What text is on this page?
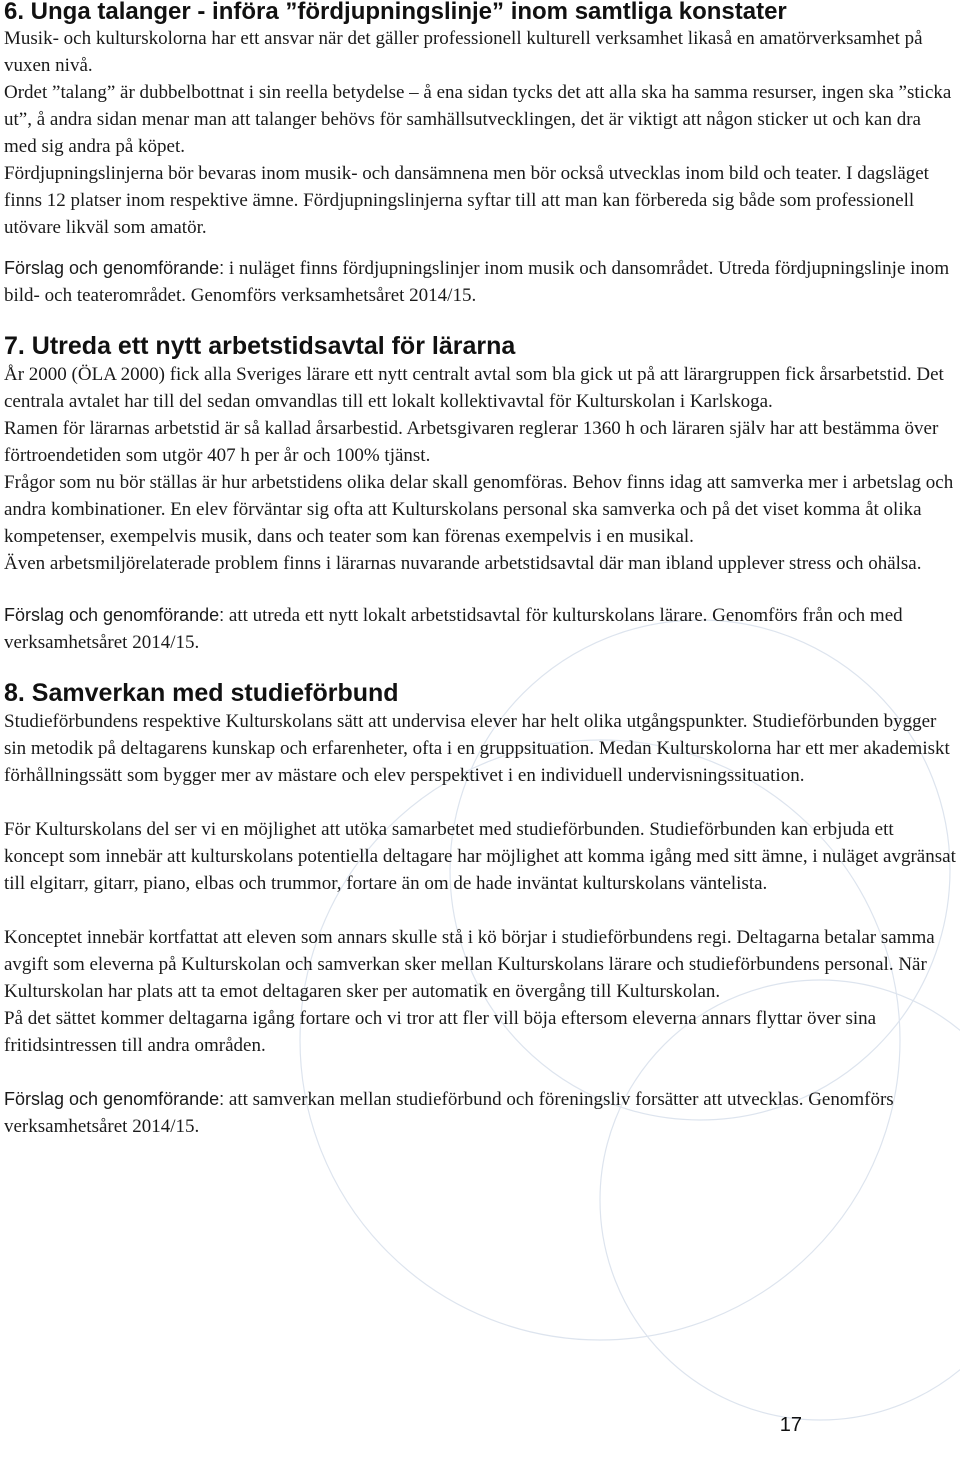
6. Unga talanger - införa ”fördjupningslinje” inom samtliga konstater

Musik- och kulturskolorna har ett ansvar när det gäller professionell kulturell verksamhet likaså en amatörverksamhet på vuxen nivå.

Ordet ”talang” är dubbelbottnat i sin reella betydelse – å ena sidan tycks det att alla ska ha samma resurser, ingen ska ”sticka ut”, å andra sidan menar man att talanger behövs för samhällsutvecklingen, det är viktigt att någon sticker ut och kan dra med sig andra på köpet.

Fördjupningslinjerna bör bevaras inom musik- och dansämnena men bör också utvecklas inom bild och teater. I dagsläget finns 12 platser inom respektive ämne. Fördjupningslinjerna syftar till att man kan förbereda sig både som professionell utövare likväl som amatör.

Förslag och genomförande: i nuläget finns fördjupningslinjer inom musik och dansområdet. Utreda fördjupningslinje inom bild- och teaterområdet. Genomförs verksamhetsåret 2014/15.

7. Utreda ett nytt arbetstidsavtal för lärarna

År 2000 (ÖLA 2000) fick alla Sveriges lärare ett nytt centralt avtal som bla gick ut på att lärargruppen fick årsarbetstid. Det centrala avtalet har till del sedan omvandlas till ett lokalt kollektivavtal för Kulturskolan i Karlskoga.

Ramen för lärarnas arbetstid är så kallad årsarbestid. Arbetsgivaren reglerar 1360 h och läraren själv har att bestämma över förtroendetiden som utgör 407 h per år och 100% tjänst.

Frågor som nu bör ställas är hur arbetstidens olika delar skall genomföras. Behov finns idag att samverka mer i arbetslag och andra kombinationer. En elev förväntar sig ofta att Kulturskolans personal ska samverka och på det viset komma åt olika kompetenser, exempelvis musik, dans och teater som kan förenas exempelvis i en musikal.

Även arbetsmiljörelaterade problem finns i lärarnas nuvarande arbetstidsavtal där man ibland upplever stress och ohälsa.

Förslag och genomförande: att utreda ett nytt lokalt arbetstidsavtal för kulturskolans lärare. Genomförs från och med verksamhetsåret 2014/15.

8. Samverkan med studieförbund

Studieförbundens respektive Kulturskolans sätt att undervisa elever har helt olika utgångspunkter. Studieförbunden bygger sin metodik på deltagarens kunskap och erfarenheter, ofta i en gruppsituation. Medan Kulturskolorna har ett mer akademiskt förhållningssätt som bygger mer av mästare och elev perspektivet i en individuell undervisningssituation.

För Kulturskolans del ser vi en möjlighet att utöka samarbetet med studieförbunden. Studieförbunden kan erbjuda ett koncept som innebär att kulturskolans potentiella deltagare har möjlighet att komma igång med sitt ämne, i nuläget avgränsat till elgitarr, gitarr, piano, elbas och trummor, fortare än om de hade inväntat kulturskolans väntelista.

Konceptet innebär kortfattat att eleven som annars skulle stå i kö börjar i studieförbundens regi. Deltagarna betalar samma avgift som eleverna på Kulturskolan och samverkan sker mellan Kulturskolans lärare och studieförbundens personal. När Kulturskolan har plats att ta emot deltagaren sker per automatik en övergång till Kulturskolan.

På det sättet kommer deltagarna igång fortare och vi tror att fler vill böja eftersom eleverna annars flyttar över sina fritidsintressen till andra områden.

Förslag och genomförande: att samverkan mellan studieförbund och föreningsliv forsätter att utvecklas. Genomförs verksamhetsåret 2014/15.

17
